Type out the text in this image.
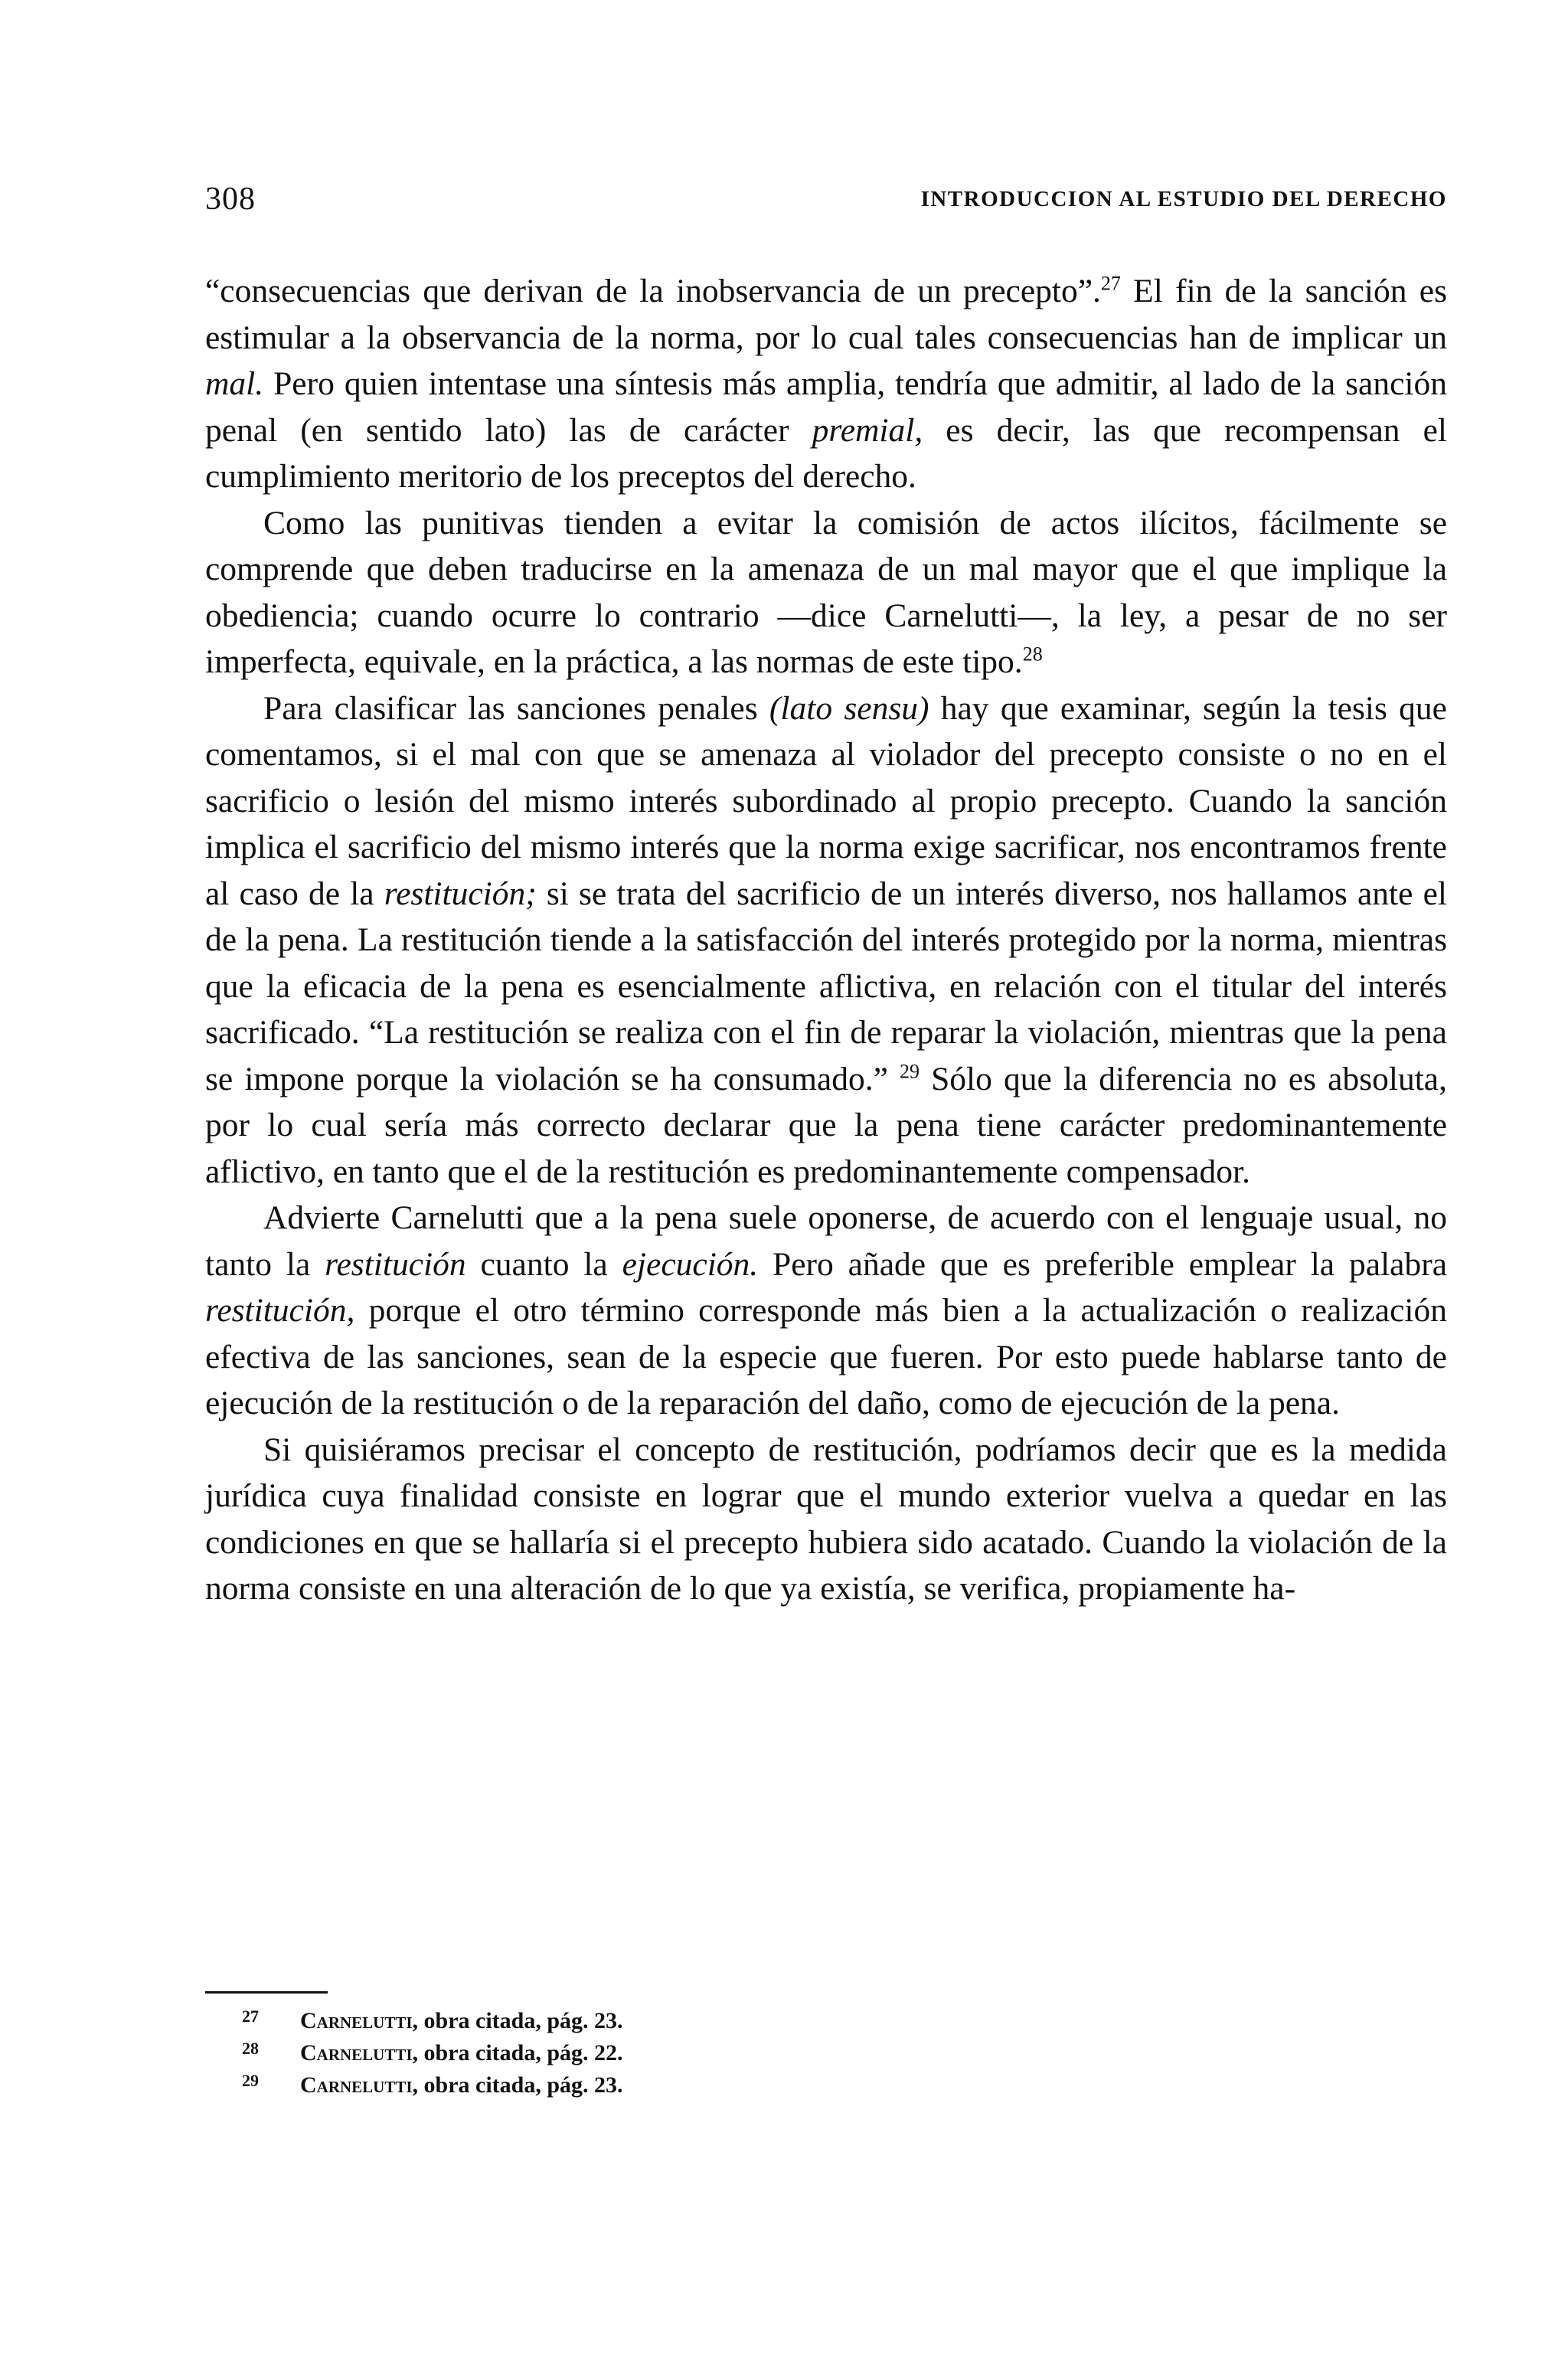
308	INTRODUCCION AL ESTUDIO DEL DERECHO

“consecuencias que derivan de la inobservancia de un precepto”.$^{27}$ El fin de la sanción es estimular a la observancia de la norma, por lo cual tales consecuencias han de implicar un mal. Pero quien intentase una síntesis más amplia, tendría que admitir, al lado de la sanción penal (en sentido lato) las de carácter premial, es decir, las que recompensan el cumplimiento meritorio de los preceptos del derecho.

Como las punitivas tienden a evitar la comisión de actos ilícitos, fácilmente se comprende que deben traducirse en la amenaza de un mal mayor que el que implique la obediencia; cuando ocurre lo contrario —dice Carnelutti—, la ley, a pesar de no ser imperfecta, equivale, en la práctica, a las normas de este tipo.$^{28}$

Para clasificar las sanciones penales (lato sensu) hay que examinar, según la tesis que comentamos, si el mal con que se amenaza al violador del precepto consiste o no en el sacrificio o lesión del mismo interés subordinado al propio precepto. Cuando la sanción implica el sacrificio del mismo interés que la norma exige sacrificar, nos encontramos frente al caso de la restitución; si se trata del sacrificio de un interés diverso, nos hallamos ante el de la pena. La restitución tiende a la satisfacción del interés protegido por la norma, mientras que la eficacia de la pena es esencialmente aflictiva, en relación con el titular del interés sacrificado. “La restitución se realiza con el fin de reparar la violación, mientras que la pena se impone porque la violación se ha consumado.” $^{29}$ Sólo que la diferencia no es absoluta, por lo cual sería más correcto declarar que la pena tiene carácter predominantemente aflictivo, en tanto que el de la restitución es predominantemente compensador.

Advierte Carnelutti que a la pena suele oponerse, de acuerdo con el lenguaje usual, no tanto la restitución cuanto la ejecución. Pero añade que es preferible emplear la palabra restitución, porque el otro término corresponde más bien a la actualización o realización efectiva de las sanciones, sean de la especie que fueren. Por esto puede hablarse tanto de ejecución de la restitución o de la reparación del daño, como de ejecución de la pena.

Si quisiéramos precisar el concepto de restitución, podríamos decir que es la medida jurídica cuya finalidad consiste en lograr que el mundo exterior vuelva a quedar en las condiciones en que se hallaría si el precepto hubiera sido acatado. Cuando la violación de la norma consiste en una alteración de lo que ya existía, se verifica, propiamente ha-

27 Carnelutti, obra citada, pág. 23.
28 Carnelutti, obra citada, pág. 22.
29 Carnelutti, obra citada, pág. 23.
